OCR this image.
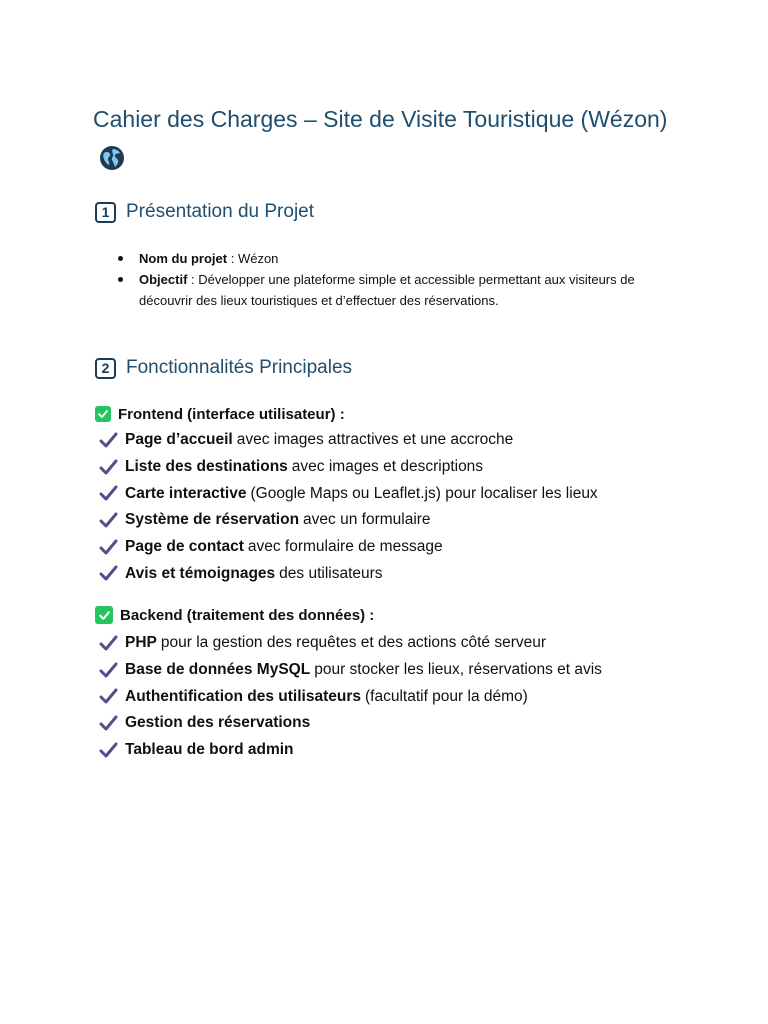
Cahier des Charges – Site de Visite Touristique (Wézon)
1 Présentation du Projet
Nom du projet : Wézon
Objectif : Développer une plateforme simple et accessible permettant aux visiteurs de découvrir des lieux touristiques et d’effectuer des réservations.
2 Fonctionnalités Principales
Frontend (interface utilisateur) :
Page d’accueil avec images attractives et une accroche
Liste des destinations avec images et descriptions
Carte interactive (Google Maps ou Leaflet.js) pour localiser les lieux
Système de réservation avec un formulaire
Page de contact avec formulaire de message
Avis et témoignages des utilisateurs
Backend (traitement des données) :
PHP pour la gestion des requêtes et des actions côté serveur
Base de données MySQL pour stocker les lieux, réservations et avis
Authentification des utilisateurs (facultatif pour la démo)
Gestion des réservations
Tableau de bord admin
